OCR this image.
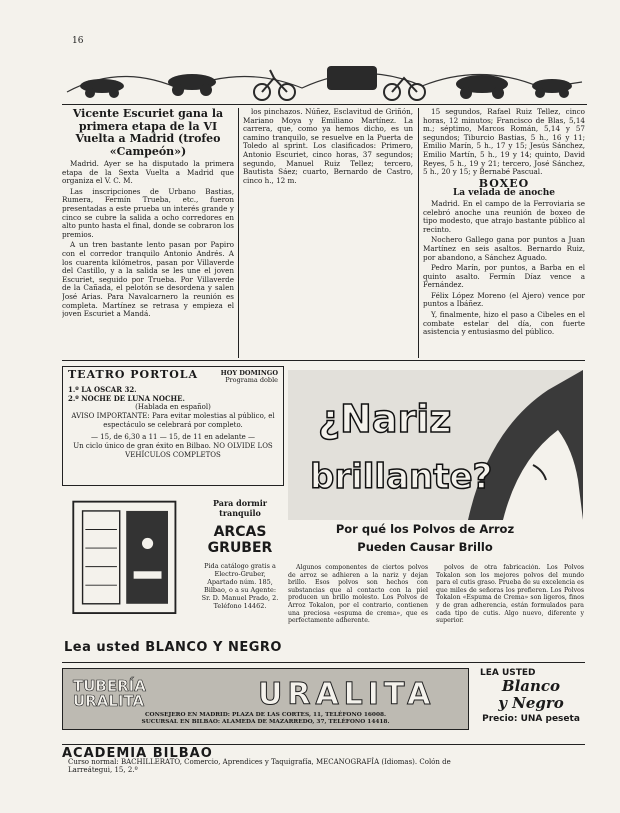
16

Vicente Escuriet gana la primera etapa de la VI Vuelta a Madrid (trofeo «Campeón»)

Madrid. Ayer se ha disputado la primera etapa de la Sexta Vuelta a Madrid que organiza el V. C. M.

Las inscripciones de Urbano Bastias, Rumera, Fermín Trueba, etc., fueron presentadas a este prueba un interés grande y cinco se cubre la salida a ocho corredores en alto punto hasta el final, donde se cobraron los premios.

A un tren bastante lento pasan por Papiro con el corredor tranquilo Antonio Andrés. A los cuarenta kilómetros, pasan por Villaverde del Castillo, y a la salida se les une el joven Escuriet, seguido por Trueba. Por Villaverde de la Cañada, el pelotón se desordena y salen José Arias. Para Navalcarnero la reunión es completa. Martínez se retrasa y empieza el joven Escuriet a Mandá.

los pinchazos. Núñez, Esclavitud de Griñón, Mariano Moya y Emiliano Martínez. La carrera, que, como ya hemos dicho, es un camino tranquilo, se resuelve en la Puerta de Toledo al sprint. Los clasificados: Primero, Antonio Escuriet, cinco horas, 37 segundos; segundo, Manuel Ruiz Tellez; tercero, Bautista Sáez; cuarto, Bernardo de Castro, cinco h., 12 m.

15 segundos, Rafael Ruiz Tellez, cinco horas, 12 minutos; Francisco de Blas, 5,14 m.; séptimo, Marcos Román, 5,14 y 57 segundos; Tiburcio Bastias, 5 h., 16 y 11; Emilio Marín, 5 h., 17 y 15; Jesús Sánchez, Emilio Martín, 5 h., 19 y 14; quinto, David Reyes, 5 h., 19 y 21; tercero, José Sánchez, 5 h., 20 y 15; y Bernabé Pascual.

BOXEO

La velada de anoche

Madrid. En el campo de la Ferroviaria se celebró anoche una reunión de boxeo de tipo modesto, que atrajo bastante público al recinto.

Nochero Gallego gana por puntos a Juan Martínez en seis asaltos. Bernardo Ruiz, por abandono, a Sánchez Aguado.

Pedro Marín, por puntos, a Barba en el quinto asalto. Fermín Díaz vence a Fernández.

Félix López Moreno (el Ajero) vence por puntos a Ibáñez.

Y, finalmente, hizo el paso a Cibeles en el combate estelar del día, con fuerte asistencia y entusiasmo del público.

TEATRO PORTOLA	HOY DOMINGO
Programa doble
1.º LA OSCAR 32.
2.º NOCHE DE LUNA NOCHE.
(Hablada en español)
AVISO IMPORTANTE: Para evitar molestias al público, el espectáculo se celebrará por completo.
— 15, de 6,30 a 11 — 15, de 11 en adelante —
Un ciclo único de gran éxito en Bilbao. NO OLVIDE LOS VEHÍCULOS COMPLETOS
Para dormir tranquilo
ARCAS
GRUBER
Pida catálogo gratis a Electro-Gruber, Apartado núm. 185, Bilbao, o a su Agente: Sr. D. Manuel Prado, 2. Teléfono 14462.
Lea usted BLANCO Y NEGRO
¿Nariz
brillante?
Por qué los Polvos de Arroz
Pueden Causar Brillo

Algunos componentes de ciertos polvos de arroz se adhieren a la nariz y dejan brillo. Esos polvos son hechos con substancias que al contacto con la piel producen un brillo molesto. Los Polvos de Arroz Tokalon, por el contrario, contienen una preciosa «espuma de crema», que es perfectamente adherente.

polvos de otra fabricación. Los Polvos Tokalon son los mejores polvos del mundo para el cutis graso. Prueba de su excelencia es que miles de señoras los prefieren. Los Polvos Tokalon «Espuma de Crema» son ligeros, finos y de gran adherencia, están formulados para cada tipo de cutis. Algo nuevo, diferente y superior.

TUBERÍA
URALITA	URALITA
CONSEJERO EN MADRID: PLAZA DE LAS CORTES, 11, TELÉFONO 16008.
SUCURSAL EN BILBAO: ALAMEDA DE MAZARREDO, 37, TELÉFONO 14418.
LEA USTED
Blanco
y Negro
Precio: UNA peseta
ACADEMIA BILBAO Curso normal: BACHILLERATO, Comercio, Aprendices y Taquigrafía, MECANOGRAFÍA (Idiomas). Colón de Larreátegui, 15, 2.º
